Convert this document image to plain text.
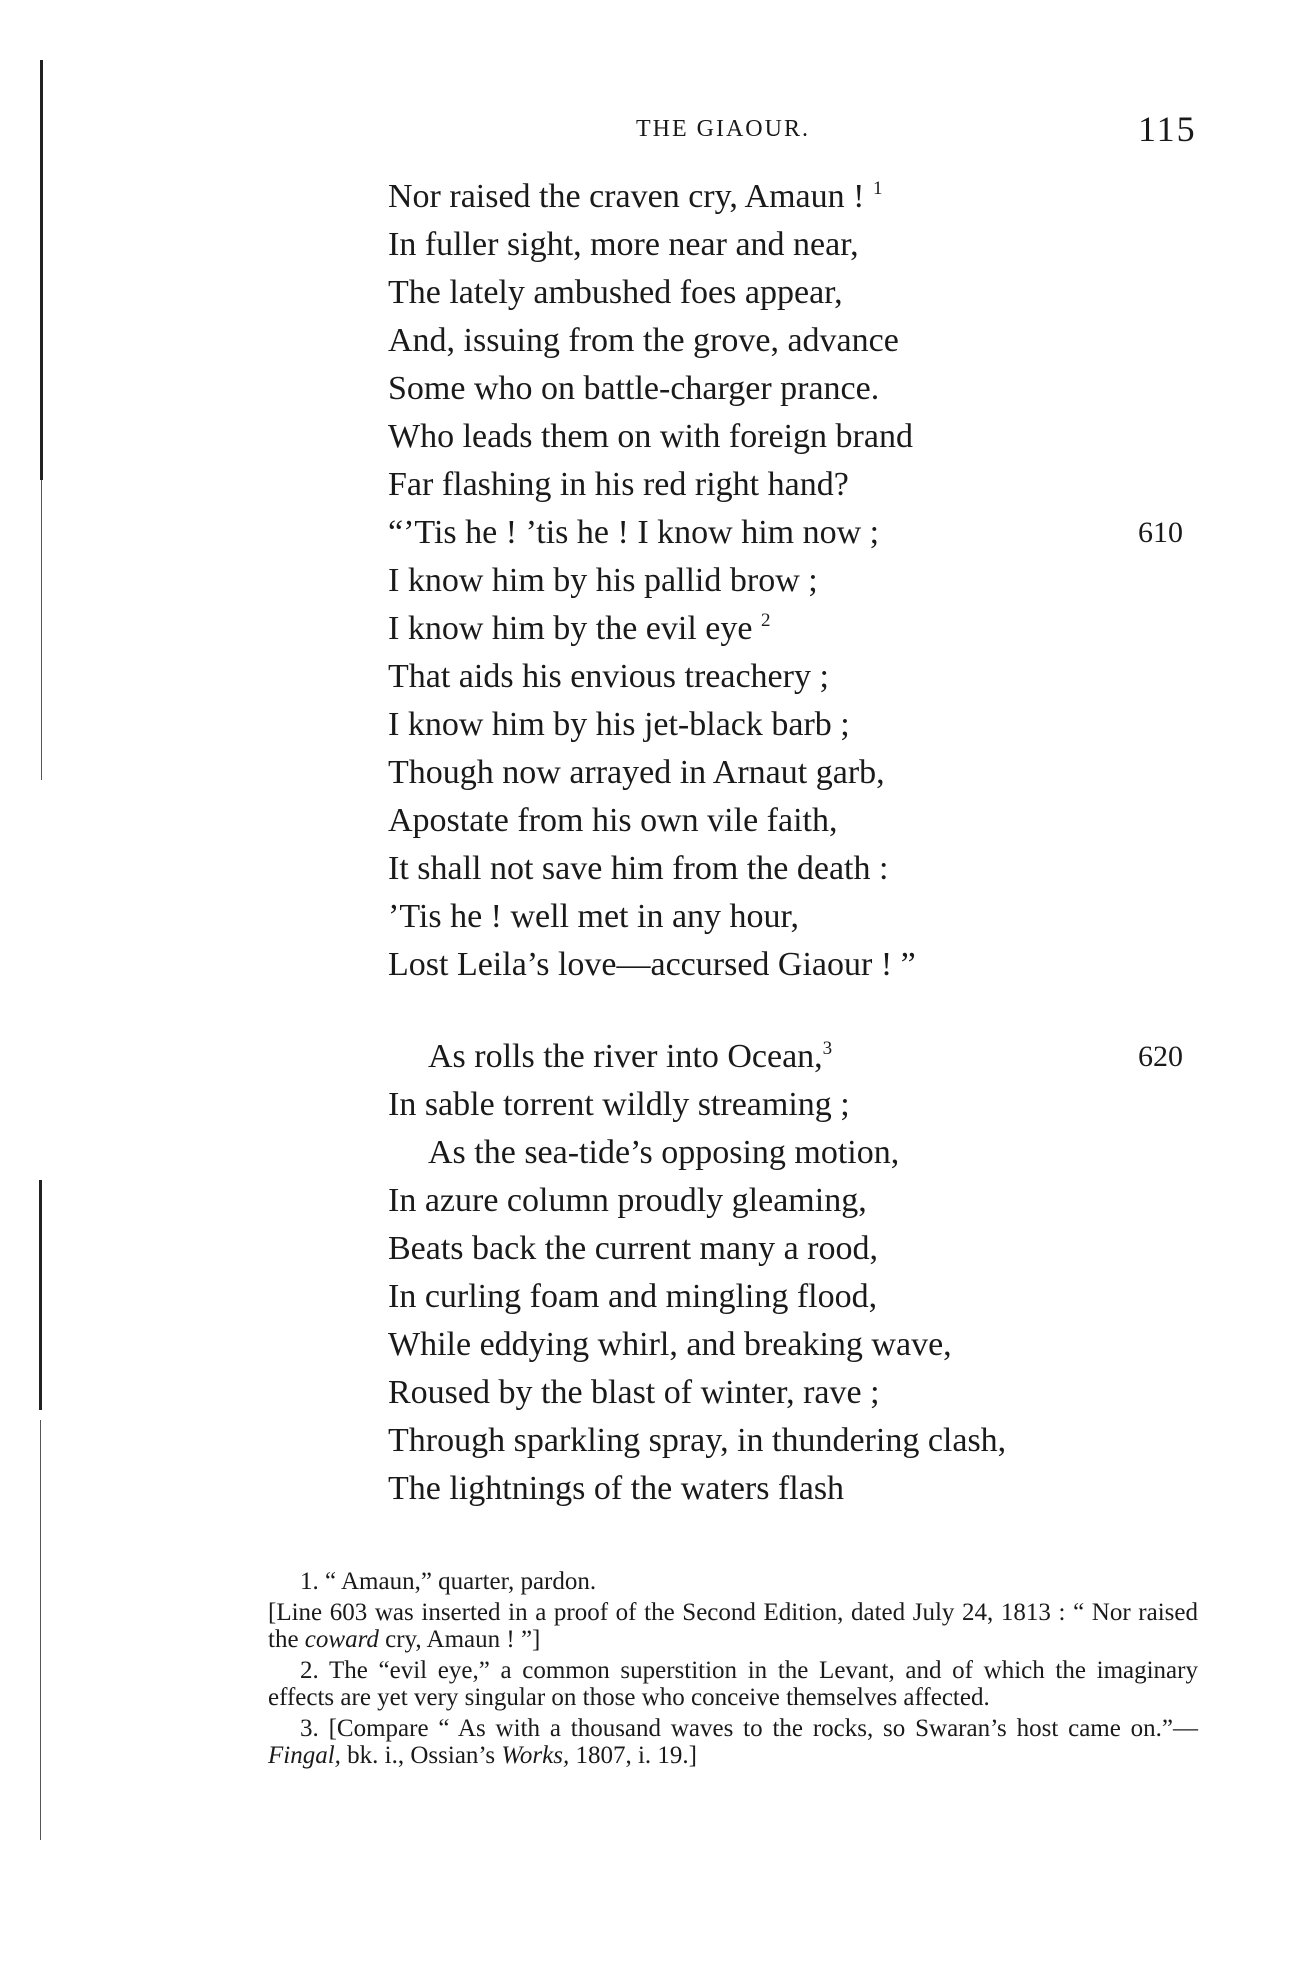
THE GIAOUR.	115
Nor raised the craven cry, Amaun ! $^1$
In fuller sight, more near and near,
The lately ambushed foes appear,
And, issuing from the grove, advance
Some who on battle-charger prance.
Who leads them on with foreign brand
Far flashing in his red right hand?
“’Tis he ! ’tis he ! I know him now ;	610
I know him by his pallid brow ;
I know him by the evil eye $^2$
That aids his envious treachery ;
I know him by his jet-black barb ;
Though now arrayed in Arnaut garb,
Apostate from his own vile faith,
It shall not save him from the death :
’Tis he ! well met in any hour,
Lost Leila’s love—accursed Giaour ! ”
As rolls the river into Ocean,$^3$	620
In sable torrent wildly streaming ;
As the sea-tide’s opposing motion,
In azure column proudly gleaming,
Beats back the current many a rood,
In curling foam and mingling flood,
While eddying whirl, and breaking wave,
Roused by the blast of winter, rave ;
Through sparkling spray, in thundering clash,
The lightnings of the waters flash

1. “ Amaun,” quarter, pardon.

[Line 603 was inserted in a proof of the Second Edition, dated July 24, 1813 : “ Nor raised the coward cry, Amaun ! ”]

2. The “evil eye,” a common superstition in the Levant, and of which the imaginary effects are yet very singular on those who conceive themselves affected.

3. [Compare “ As with a thousand waves to the rocks, so Swaran’s host came on.”—Fingal, bk. i., Ossian’s Works, 1807, i. 19.]
